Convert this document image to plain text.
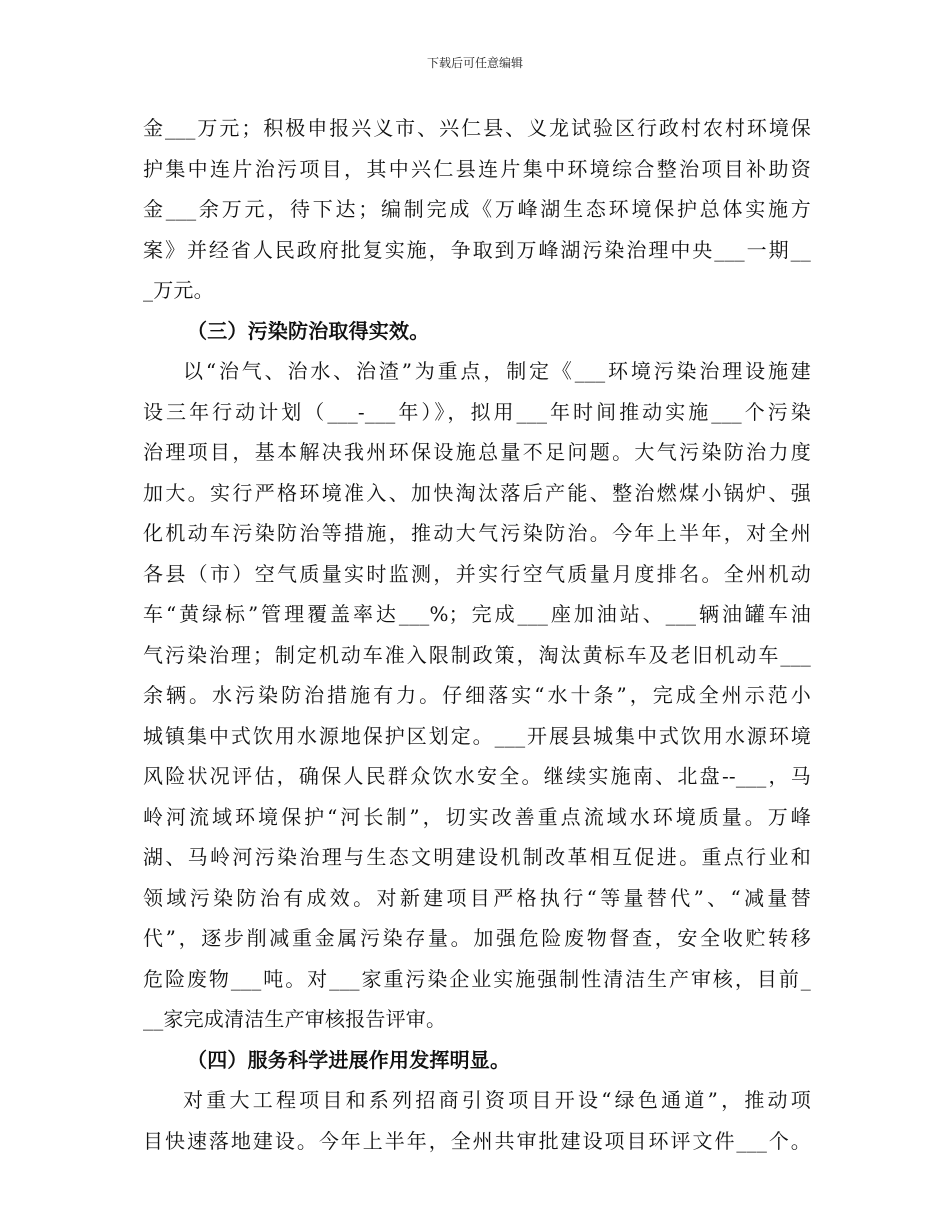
下载后可任意编辑
金___万元；积极申报兴义市、兴仁县、义龙试验区行政村农村环境保
护集中连片治污项目，其中兴仁县连片集中环境综合整治项目补助资
金___余万元，待下达；编制完成《万峰湖生态环境保护总体实施方
案》并经省人民政府批复实施，争取到万峰湖污染治理中央___一期__
_万元。
（三）污染防治取得实效。
以“治气、治水、治渣”为重点，制定《___环境污染治理设施建
设三年行动计划（___-___年）》，拟用___年时间推动实施___个污染
治理项目，基本解决我州环保设施总量不足问题。大气污染防治力度
加大。实行严格环境准入、加快淘汰落后产能、整治燃煤小锅炉、强
化机动车污染防治等措施，推动大气污染防治。今年上半年，对全州
各县（市）空气质量实时监测，并实行空气质量月度排名。全州机动
车“黄绿标”管理覆盖率达___%；完成___座加油站、___辆油罐车油
气污染治理；制定机动车准入限制政策，淘汰黄标车及老旧机动车___
余辆。水污染防治措施有力。仔细落实“水十条”，完成全州示范小
城镇集中式饮用水源地保护区划定。___开展县城集中式饮用水源环境
风险状况评估，确保人民群众饮水安全。继续实施南、北盘--___，马
岭河流域环境保护“河长制”，切实改善重点流域水环境质量。万峰
湖、马岭河污染治理与生态文明建设机制改革相互促进。重点行业和
领域污染防治有成效。对新建项目严格执行“等量替代”、“减量替
代”，逐步削减重金属污染存量。加强危险废物督查，安全收贮转移
危险废物___吨。对___家重污染企业实施强制性清洁生产审核，目前_
__家完成清洁生产审核报告评审。
（四）服务科学进展作用发挥明显。
对重大工程项目和系列招商引资项目开设“绿色通道”，推动项
目快速落地建设。今年上半年，全州共审批建设项目环评文件___个。
